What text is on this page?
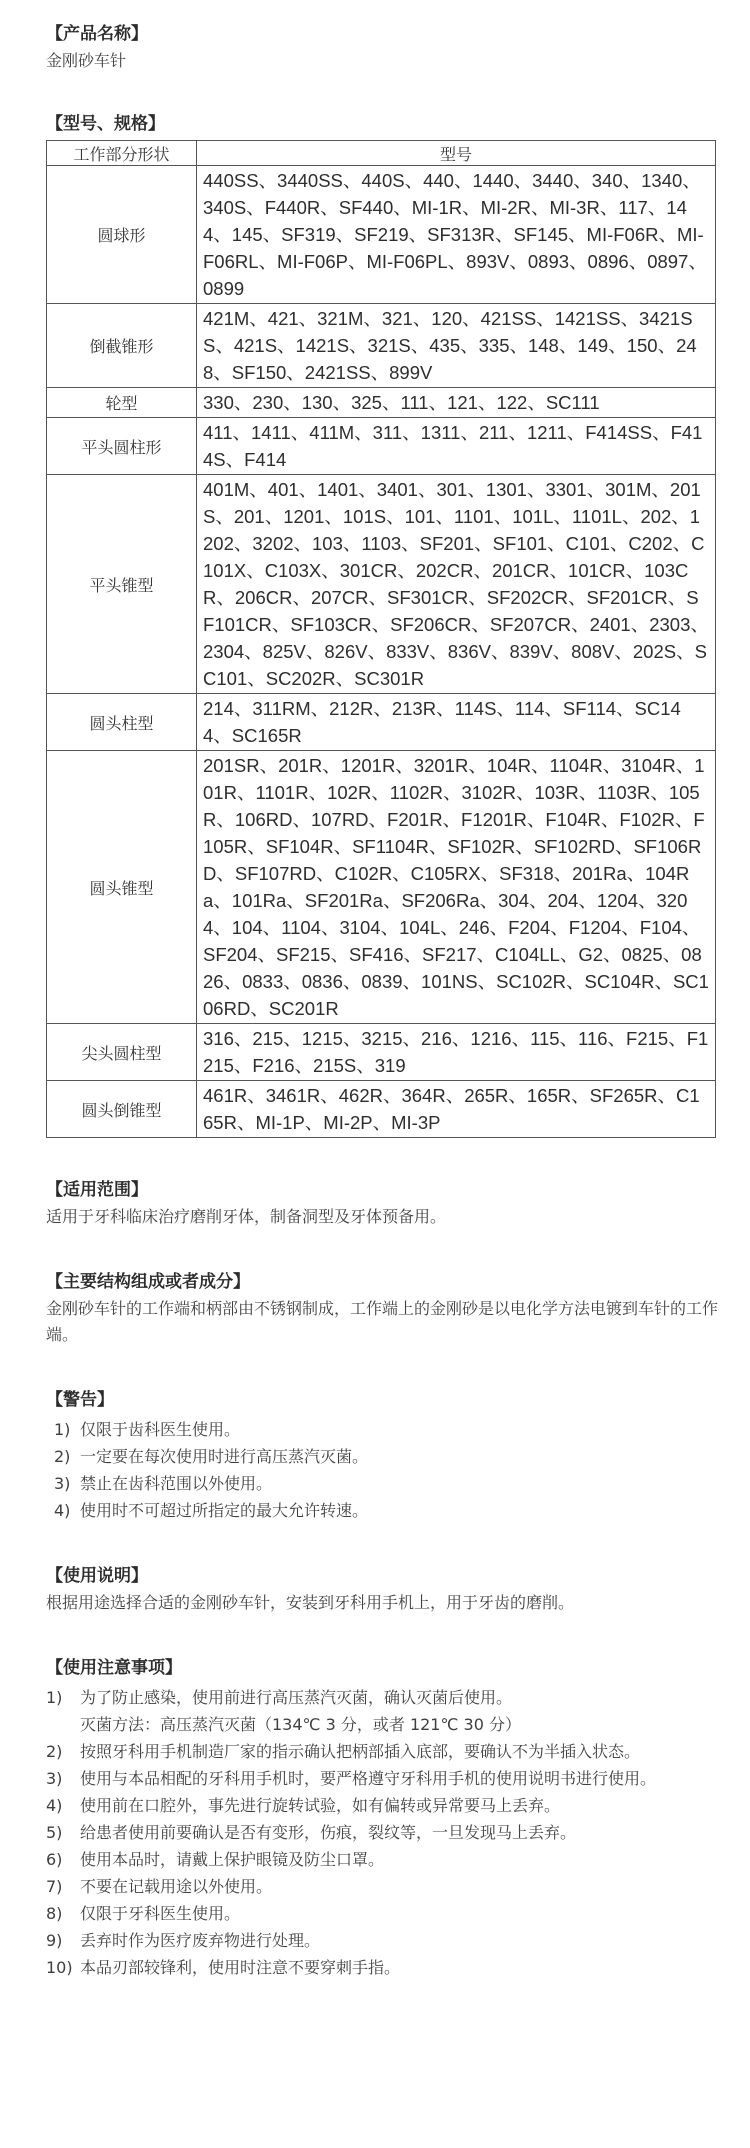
【产品名称】

金刚砂车针

【型号、规格】
工作部分形状	型号
圆球形	440SS、3440SS、440S、440、1440、3440、340、1340、340S、F440R、SF440、MI-1R、MI-2R、MI-3R、117、144、145、SF319、SF219、SF313R、SF145、MI-F06R、MI-F06RL、MI-F06P、MI-F06PL、893V、0893、0896、0897、0899
倒截锥形	421M、421、321M、321、120、421SS、1421SS、3421SS、421S、1421S、321S、435、335、148、149、150、248、SF150、2421SS、899V
轮型	330、230、130、325、111、121、122、SC111
平头圆柱形	411、1411、411M、311、1311、211、1211、F414SS、F414S、F414
平头锥型	401M、401、1401、3401、301、1301、3301、301M、201S、201、1201、101S、101、1101、101L、1101L、202、1202、3202、103、1103、SF201、SF101、C101、C202、C101X、C103X、301CR、202CR、201CR、101CR、103CR、206CR、207CR、SF301CR、SF202CR、SF201CR、SF101CR、SF103CR、SF206CR、SF207CR、2401、2303、2304、825V、826V、833V、836V、839V、808V、202S、SC101、SC202R、SC301R
圆头柱型	214、311RM、212R、213R、114S、114、SF114、SC144、SC165R
圆头锥型	201SR、201R、1201R、3201R、104R、1104R、3104R、101R、1101R、102R、1102R、3102R、103R、1103R、105R、106RD、107RD、F201R、F1201R、F104R、F102R、F105R、SF104R、SF1104R、SF102R、SF102RD、SF106RD、SF107RD、C102R、C105RX、SF318、201Ra、104Ra、101Ra、SF201Ra、SF206Ra、304、204、1204、3204、104、1104、3104、104L、246、F204、F1204、F104、SF204、SF215、SF416、SF217、C104LL、G2、0825、0826、0833、0836、0839、101NS、SC102R、SC104R、SC106RD、SC201R
尖头圆柱型	316、215、1215、3215、216、1216、115、116、F215、F1215、F216、215S、319
圆头倒锥型	461R、3461R、462R、364R、265R、165R、SF265R、C165R、MI-1P、MI-2P、MI-3P
【适用范围】

适用于牙科临床治疗磨削牙体，制备洞型及牙体预备用。

【主要结构组成或者成分】

金刚砂车针的工作端和柄部由不锈钢制成，工作端上的金刚砂是以电化学方法电镀到车针的工作端。

【警告】
1) 仅限于齿科医生使用。
2) 一定要在每次使用时进行高压蒸汽灭菌。
3) 禁止在齿科范围以外使用。
4) 使用时不可超过所指定的最大允许转速。
【使用说明】

根据用途选择合适的金刚砂车针，安装到牙科用手机上，用于牙齿的磨削。

【使用注意事项】
1) 为了防止感染，使用前进行高压蒸汽灭菌，确认灭菌后使用。
灭菌方法：高压蒸汽灭菌（134℃ 3 分，或者 121℃ 30 分）
2) 按照牙科用手机制造厂家的指示确认把柄部插入底部，要确认不为半插入状态。
3) 使用与本品相配的牙科用手机时，要严格遵守牙科用手机的使用说明书进行使用。
4) 使用前在口腔外，事先进行旋转试验，如有偏转或异常要马上丢弃。
5) 给患者使用前要确认是否有变形，伤痕，裂纹等，一旦发现马上丢弃。
6) 使用本品时，请戴上保护眼镜及防尘口罩。
7) 不要在记载用途以外使用。
8) 仅限于牙科医生使用。
9) 丢弃时作为医疗废弃物进行处理。
10) 本品刃部较锋利，使用时注意不要穿刺手指。
